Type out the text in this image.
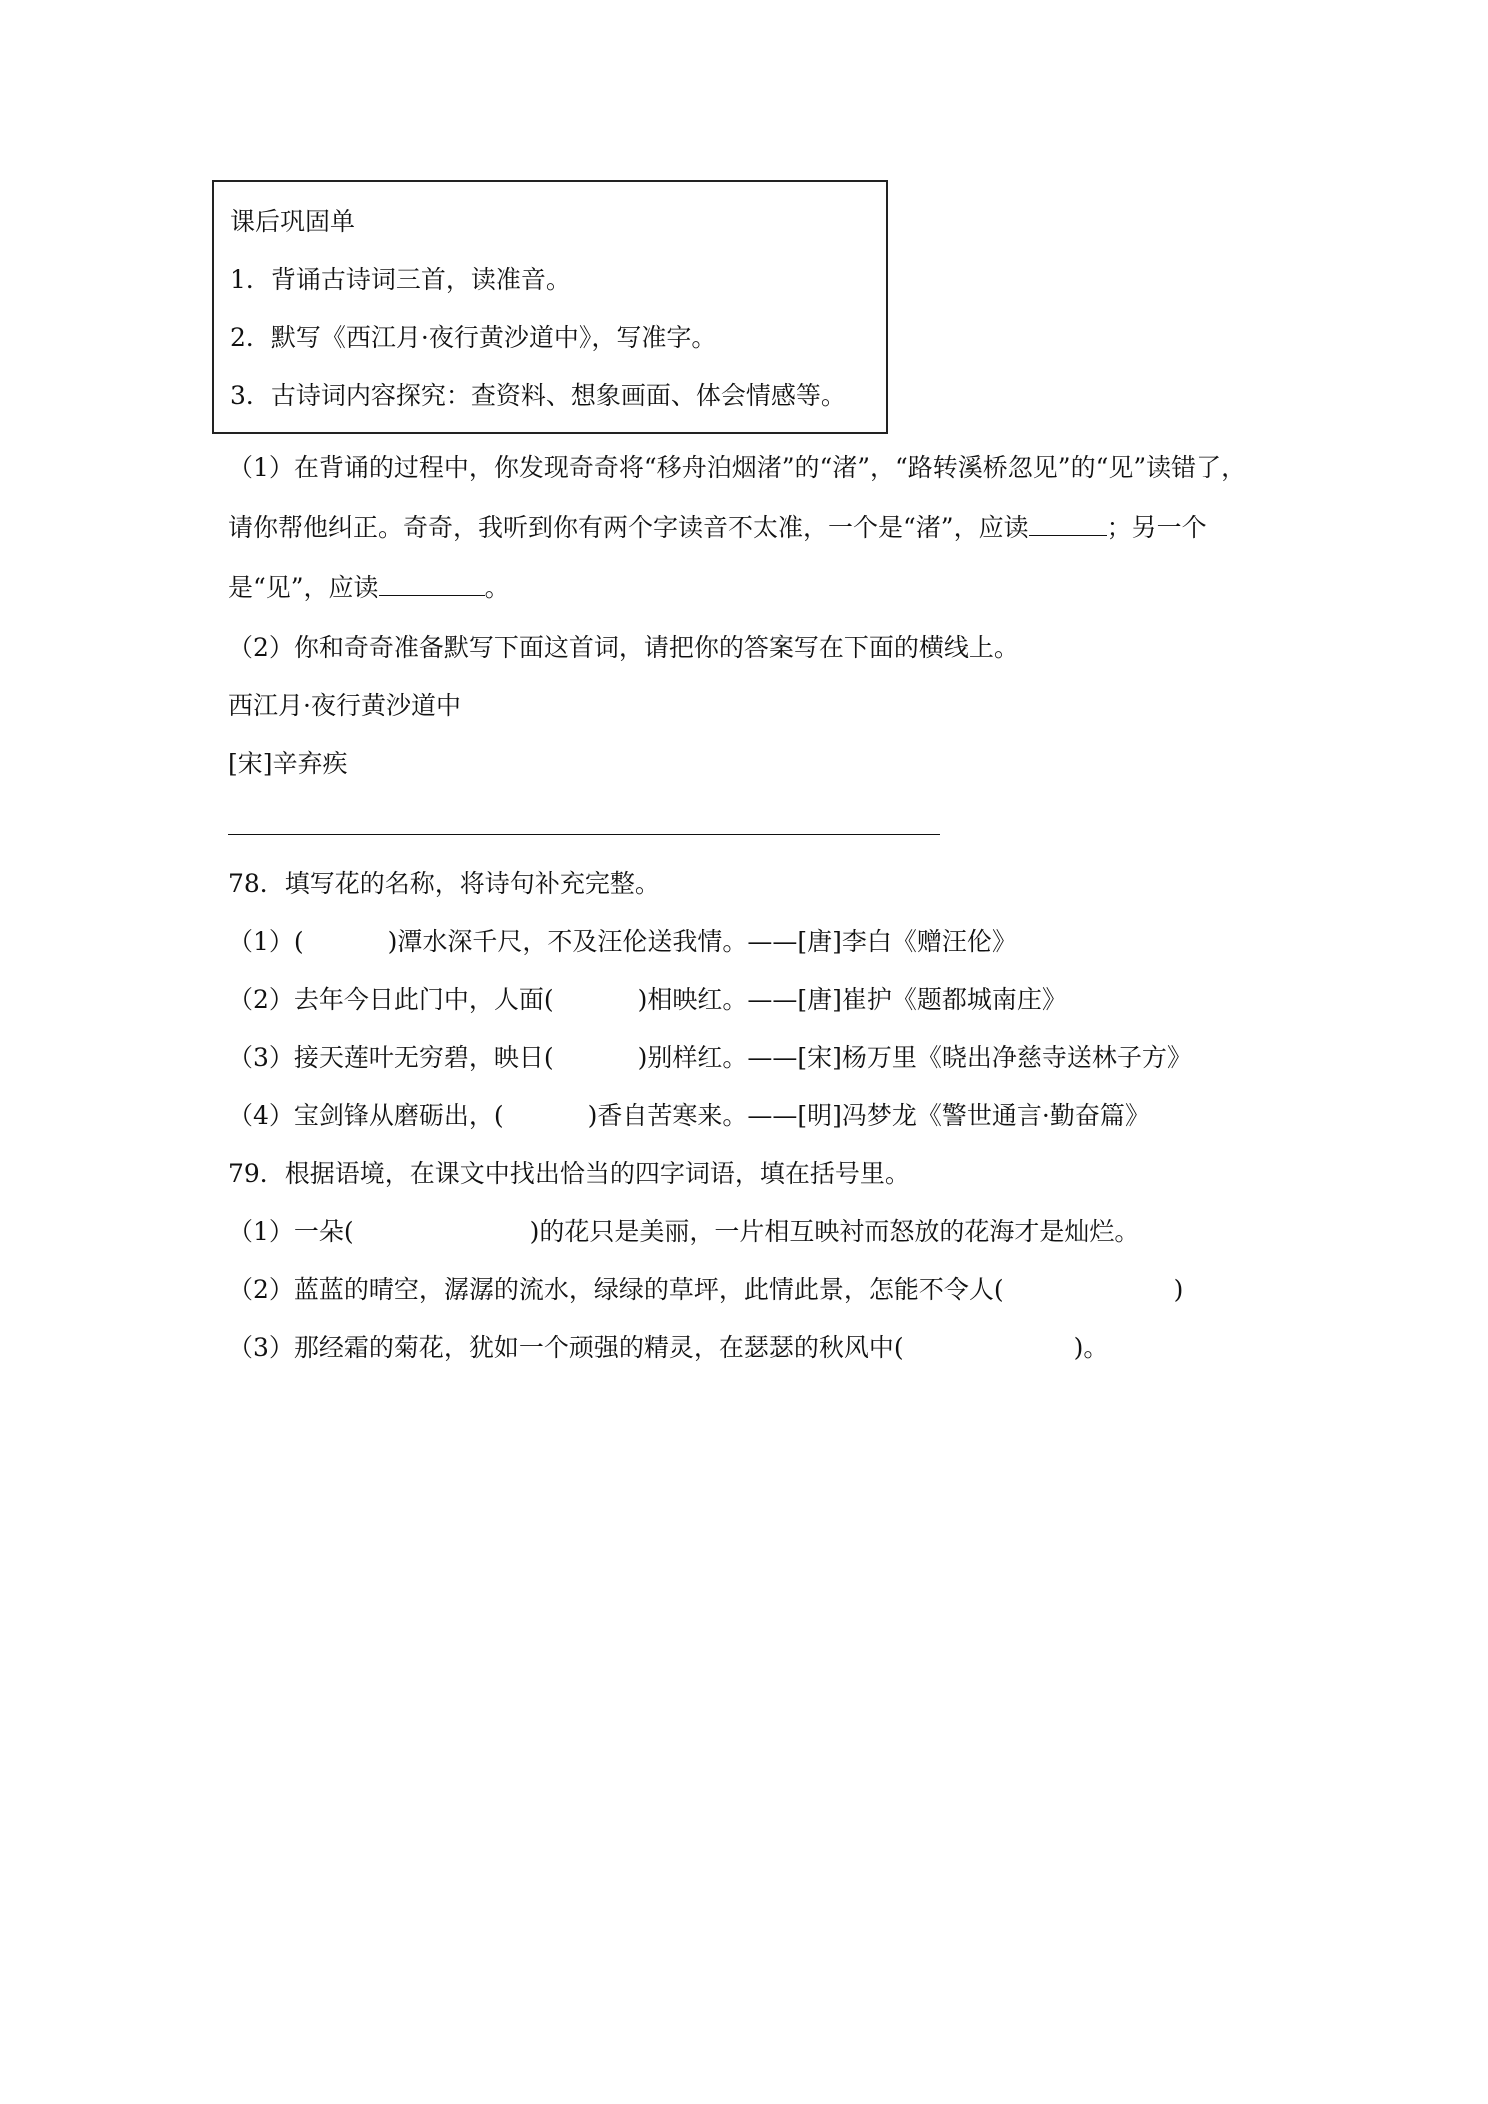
课后巩固单
1．背诵古诗词三首，读准音。
2．默写《西江月·夜行黄沙道中》，写准字。
3．古诗词内容探究：查资料、想象画面、体会情感等。
（1）在背诵的过程中，你发现奇奇将“移舟泊烟渚”的“渚”，“路转溪桥忽见”的“见”读错了，
请你帮他纠正。奇奇，我听到你有两个字读音不太准，一个是“渚”，应读	；另一个
是“见”，应读	。
（2）你和奇奇准备默写下面这首词，请把你的答案写在下面的横线上。
西江月·夜行黄沙道中
[宋]辛弃疾
78．填写花的名称，将诗句补充完整。
（1）(	)潭水深千尺，不及汪伦送我情。——[唐]李白《赠汪伦》
（2）去年今日此门中，人面(	)相映红。——[唐]崔护《题都城南庄》
（3）接天莲叶无穷碧，映日(	)别样红。——[宋]杨万里《晓出净慈寺送林子方》
（4）宝剑锋从磨砺出，(	)香自苦寒来。——[明]冯梦龙《警世通言·勤奋篇》
79．根据语境，在课文中找出恰当的四字词语，填在括号里。
（1）一朵(	)的花只是美丽，一片相互映衬而怒放的花海才是灿烂。
（2）蓝蓝的晴空，潺潺的流水，绿绿的草坪，此情此景，怎能不令人(	)
（3）那经霜的菊花，犹如一个顽强的精灵，在瑟瑟的秋风中(	)。
